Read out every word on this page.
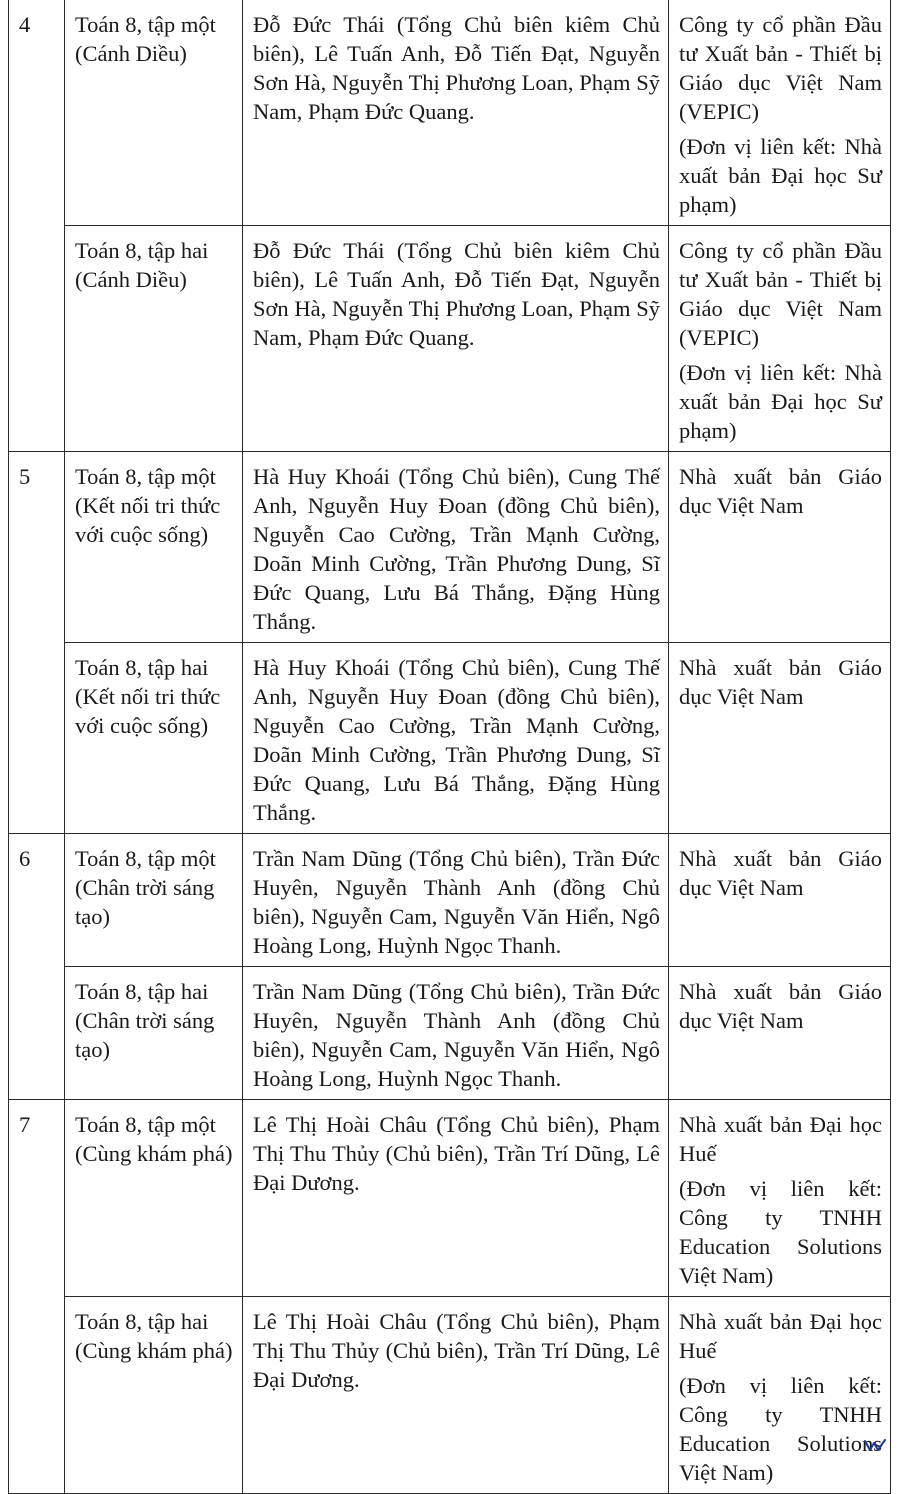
4	Toán 8, tập một (Cánh Diều)	Đỗ Đức Thái (Tổng Chủ biên kiêm Chủ biên), Lê Tuấn Anh, Đỗ Tiến Đạt, Nguyễn Sơn Hà, Nguyễn Thị Phương Loan, Phạm Sỹ Nam, Phạm Đức Quang.	Công ty cổ phần Đầu tư Xuất bản - Thiết bị Giáo dục Việt Nam (VEPIC)
(Đơn vị liên kết: Nhà xuất bản Đại học Sư phạm)

	Toán 8, tập hai (Cánh Diều)	Đỗ Đức Thái (Tổng Chủ biên kiêm Chủ biên), Lê Tuấn Anh, Đỗ Tiến Đạt, Nguyễn Sơn Hà, Nguyễn Thị Phương Loan, Phạm Sỹ Nam, Phạm Đức Quang.	Công ty cổ phần Đầu tư Xuất bản - Thiết bị Giáo dục Việt Nam (VEPIC)
(Đơn vị liên kết: Nhà xuất bản Đại học Sư phạm)

5	Toán 8, tập một (Kết nối tri thức với cuộc sống)	Hà Huy Khoái (Tổng Chủ biên), Cung Thế Anh, Nguyễn Huy Đoan (đồng Chủ biên), Nguyễn Cao Cường, Trần Mạnh Cường, Doãn Minh Cường, Trần Phương Dung, Sĩ Đức Quang, Lưu Bá Thắng, Đặng Hùng Thắng.	Nhà xuất bản Giáo dục Việt Nam

	Toán 8, tập hai (Kết nối tri thức với cuộc sống)	Hà Huy Khoái (Tổng Chủ biên), Cung Thế Anh, Nguyễn Huy Đoan (đồng Chủ biên), Nguyễn Cao Cường, Trần Mạnh Cường, Doãn Minh Cường, Trần Phương Dung, Sĩ Đức Quang, Lưu Bá Thắng, Đặng Hùng Thắng.	Nhà xuất bản Giáo dục Việt Nam

6	Toán 8, tập một (Chân trời sáng tạo)	Trần Nam Dũng (Tổng Chủ biên), Trần Đức Huyên, Nguyễn Thành Anh (đồng Chủ biên), Nguyễn Cam, Nguyễn Văn Hiển, Ngô Hoàng Long, Huỳnh Ngọc Thanh.	Nhà xuất bản Giáo dục Việt Nam

	Toán 8, tập hai (Chân trời sáng tạo)	Trần Nam Dũng (Tổng Chủ biên), Trần Đức Huyên, Nguyễn Thành Anh (đồng Chủ biên), Nguyễn Cam, Nguyễn Văn Hiển, Ngô Hoàng Long, Huỳnh Ngọc Thanh.	Nhà xuất bản Giáo dục Việt Nam

7	Toán 8, tập một (Cùng khám phá)	Lê Thị Hoài Châu (Tổng Chủ biên), Phạm Thị Thu Thủy (Chủ biên), Trần Trí Dũng, Lê Đại Dương.	Nhà xuất bản Đại học Huế
(Đơn vị liên kết: Công ty TNHH Education Solutions Việt Nam)

	Toán 8, tập hai (Cùng khám phá)	Lê Thị Hoài Châu (Tổng Chủ biên), Phạm Thị Thu Thủy (Chủ biên), Trần Trí Dũng, Lê Đại Dương.	Nhà xuất bản Đại học Huế
(Đơn vị liên kết: Công ty TNHH Education Solutions Việt Nam)
